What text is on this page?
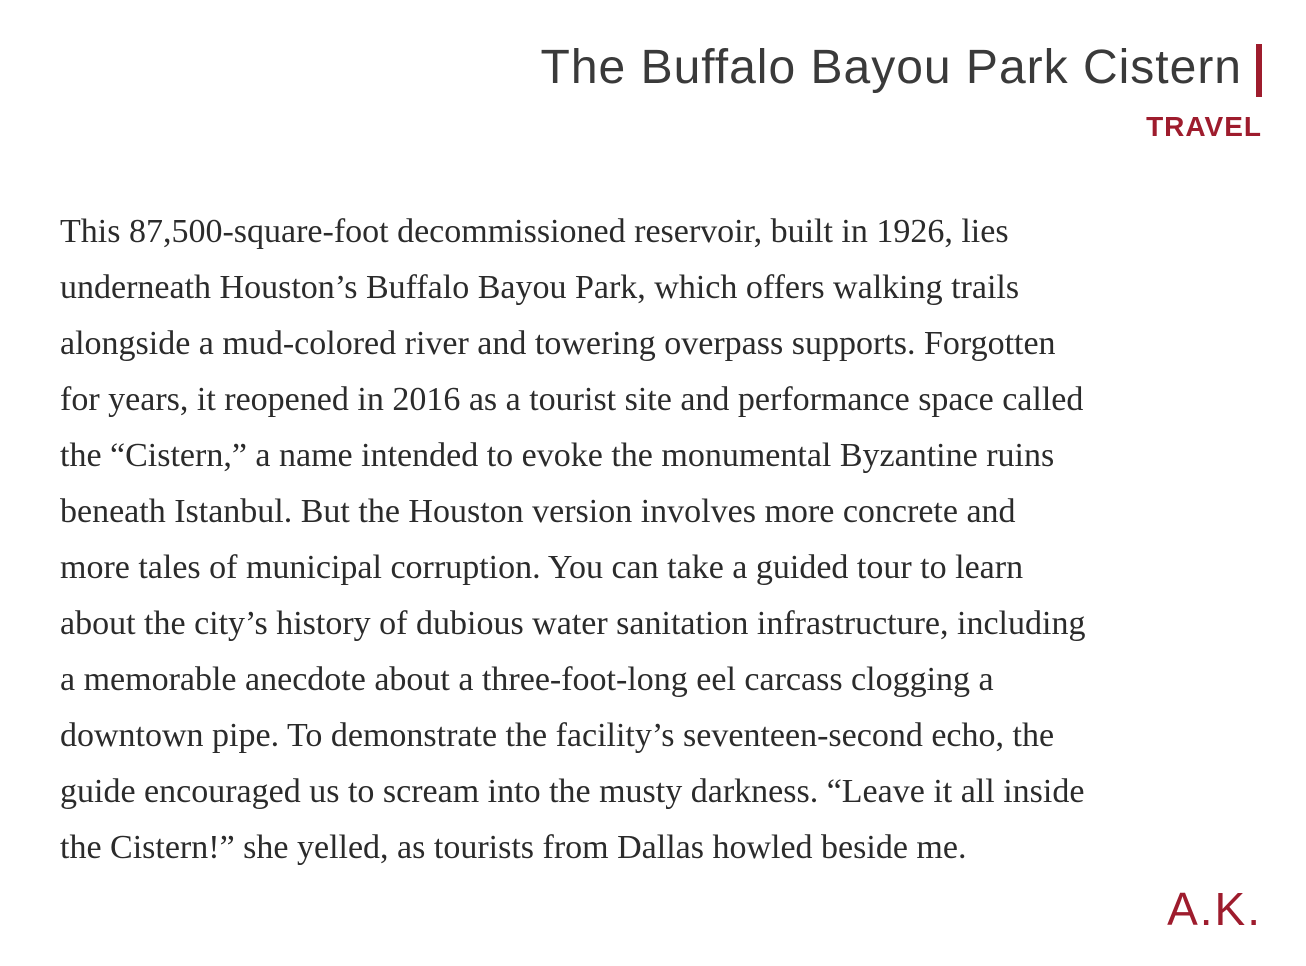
The Buffalo Bayou Park Cistern
TRAVEL
This 87,500-square-foot decommissioned reservoir, built in 1926, lies
underneath Houston’s Buffalo Bayou Park, which offers walking trails
alongside a mud-colored river and towering overpass supports. Forgotten
for years, it reopened in 2016 as a tourist site and performance space called
the “Cistern,” a name intended to evoke the monumental Byzantine ruins
beneath Istanbul. But the Houston version involves more concrete and
more tales of municipal corruption. You can take a guided tour to learn
about the city’s history of dubious water sanitation infrastructure, including
a memorable anecdote about a three-foot-long eel carcass clogging a
downtown pipe. To demonstrate the facility’s seventeen-second echo, the
guide encouraged us to scream into the musty darkness. “Leave it all inside
the Cistern!” she yelled, as tourists from Dallas howled beside me.
A.K.
